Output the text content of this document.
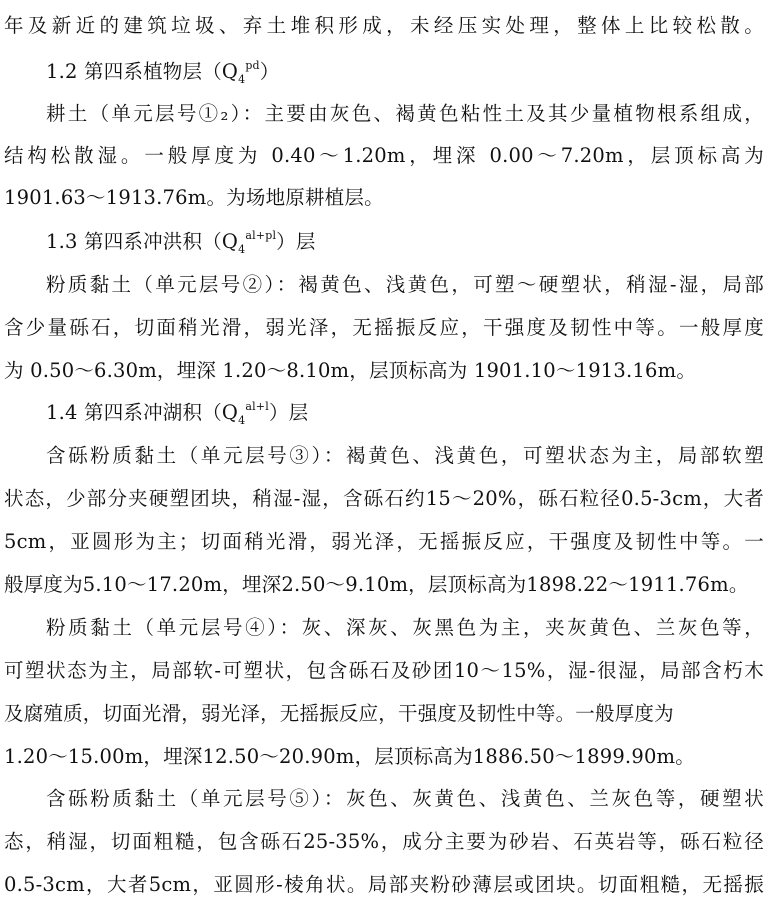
年及新近的建筑垃圾、弃土堆积形成，未经压实处理，整体上比较松散。
1.2 第四系植物层$(Q_4^{pd})$
耕土（单元层号①₂）：主要由灰色、褐黄色粘性土及其少量植物根系组成，
结构松散湿。一般厚度为 0.40～1.20m，埋深 0.00～7.20m，层顶标高为
1901.63～1913.76m。为场地原耕植层。
1.3 第四系冲洪积$(Q_4^{al+pl})$层
粉质黏土（单元层号②）：褐黄色、浅黄色，可塑～硬塑状，稍湿-湿，局部
含少量砾石，切面稍光滑，弱光泽，无摇振反应，干强度及韧性中等。一般厚度
为 0.50～6.30m，埋深 1.20～8.10m，层顶标高为 1901.10～1913.16m。
1.4 第四系冲湖积$(Q_4^{al+l})$层
含砾粉质黏土（单元层号③）：褐黄色、浅黄色，可塑状态为主，局部软塑
状态，少部分夹硬塑团块，稍湿-湿，含砾石约15～20%，砾石粒径0.5-3cm，大者
5cm，亚圆形为主；切面稍光滑，弱光泽，无摇振反应，干强度及韧性中等。一
般厚度为5.10～17.20m，埋深2.50～9.10m，层顶标高为1898.22～1911.76m。
粉质黏土（单元层号④）：灰、深灰、灰黑色为主，夹灰黄色、兰灰色等，
可塑状态为主，局部软-可塑状，包含砾石及砂团10～15%，湿-很湿，局部含朽木
及腐殖质，切面光滑，弱光泽，无摇振反应，干强度及韧性中等。一般厚度为
1.20～15.00m，埋深12.50～20.90m，层顶标高为1886.50～1899.90m。
含砾粉质黏土（单元层号⑤）：灰色、灰黄色、浅黄色、兰灰色等，硬塑状
态，稍湿，切面粗糙，包含砾石25-35%，成分主要为砂岩、石英岩等，砾石粒径
0.5-3cm，大者5cm，亚圆形-棱角状。局部夹粉砂薄层或团块。切面粗糙，无摇振
